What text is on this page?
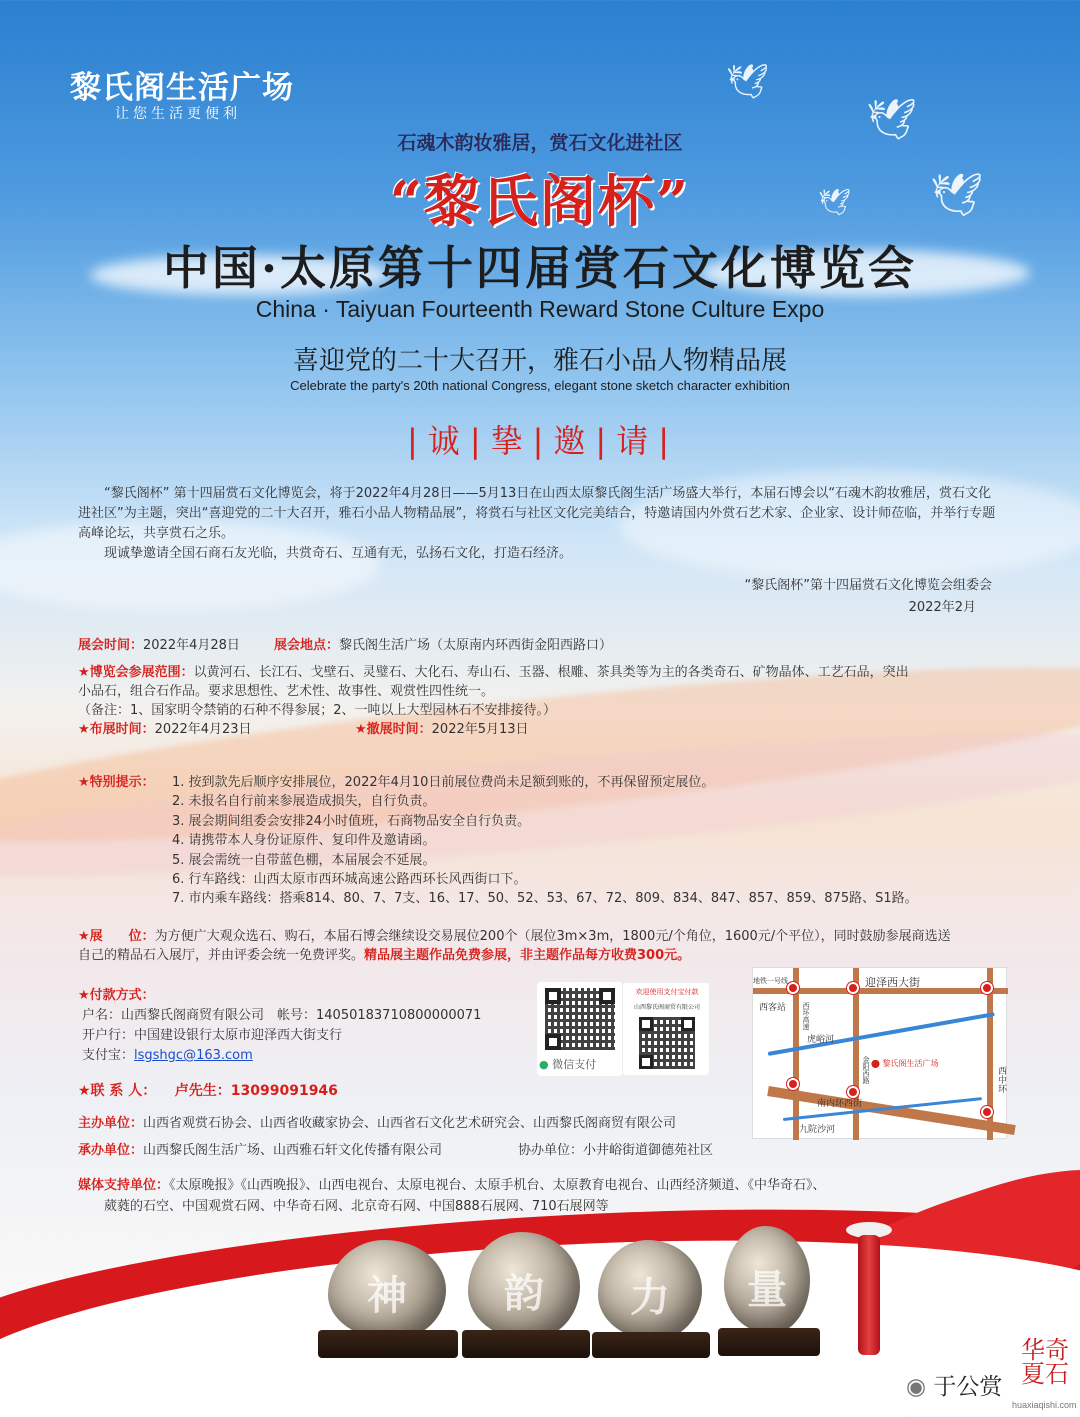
🕊
🕊
🕊
🕊
黎氏阁生活广场
让您生活更便利
石魂木韵妆雅居，赏石文化进社区
“黎氏阁杯”
中国·太原第十四届赏石文化博览会
China · Taiyuan Fourteenth Reward Stone Culture Expo
喜迎党的二十大召开，雅石小品人物精品展
Celebrate the party's 20th national Congress, elegant stone sketch character exhibition
| 诚 | 挚 | 邀 | 请 |

“黎氏阁杯” 第十四届赏石文化博览会，将于2022年4月28日——5月13日在山西太原黎氏阁生活广场盛大举行，本届石博会以“石魂木韵妆雅居，赏石文化进社区”为主题，突出“喜迎党的二十大召开，雅石小品人物精品展”，将赏石与社区文化完美结合，特邀请国内外赏石艺术家、企业家、设计师莅临，并举行专题高峰论坛，共享赏石之乐。

现诚挚邀请全国石商石友光临，共赏奇石、互通有无，弘扬石文化，打造石经济。

“黎氏阁杯”第十四届赏石文化博览会组委会
2022年2月
展会时间：2022年4月28日	展会地点：黎氏阁生活广场（太原南内环西街金阳西路口）
★博览会参展范围：以黄河石、长江石、戈壁石、灵璧石、大化石、寿山石、玉器、根雕、茶具类等为主的各类奇石、矿物晶体、工艺石品，突出
小品石，组合石作品。要求思想性、艺术性、故事性、观赏性四性统一。
（备注：1、国家明令禁销的石种不得参展；2、一吨以上大型园林石不安排接待。）
★布展时间：2022年4月23日	★撤展时间：2022年5月13日
★特别提示： 1. 按到款先后顺序安排展位，2022年4月10日前展位费尚未足额到账的，不再保留预定展位。
2. 未报名自行前来参展造成损失，自行负责。
3. 展会期间组委会安排24小时值班，石商物品安全自行负责。
4. 请携带本人身份证原件、复印件及邀请函。
5. 展会需统一自带蓝色棚，本届展会不延展。
6. 行车路线：山西太原市西环城高速公路西环长风西街口下。
7. 市内乘车路线：搭乘814、80、7、7支、16、17、50、52、53、67、72、809、834、847、857、859、875路、S1路。
★展　　位：为方便广大观众选石、购石，本届石博会继续设交易展位200个（展位3m×3m，1800元/个角位，1600元/个平位），同时鼓励参展商选送
自己的精品石入展厅，并由评委会统一免费评奖。精品展主题作品免费参展，非主题作品每方收费300元。
★付款方式：
户名：山西黎氏阁商贸有限公司　帐号：14050183710800000071
开户行：中国建设银行太原市迎泽西大街支行
支付宝：lsgshgc@163.com
★联 系 人： 卢先生：13099091946
主办单位：山西省观赏石协会、山西省收藏家协会、山西省石文化艺术研究会、山西黎氏阁商贸有限公司
承办单位：山西黎氏阁生活广场、山西雅石轩文化传播有限公司	协办单位：小井峪街道御德苑社区
媒体支持单位：《太原晚报》《山西晚报》、山西电视台、太原电视台、太原手机台、太原教育电视台、山西经济频道、《中华奇石》、
葳蕤的石空、中国观赏石网、中华奇石网、北京奇石网、中国888石展网、710石展网等
● 微信支付
欢迎使用支付宝付款
山西黎氏阁商贸有限公司
地铁一号线	迎泽西大街
西客站 西环高速
虎峪河
金阳西路 ⬤ 黎氏阁生活广场
南内环西街
九院沙河
西中环
神	韵	力	量
◉ 于公赏
华奇夏石
huaxiaqishi.com
